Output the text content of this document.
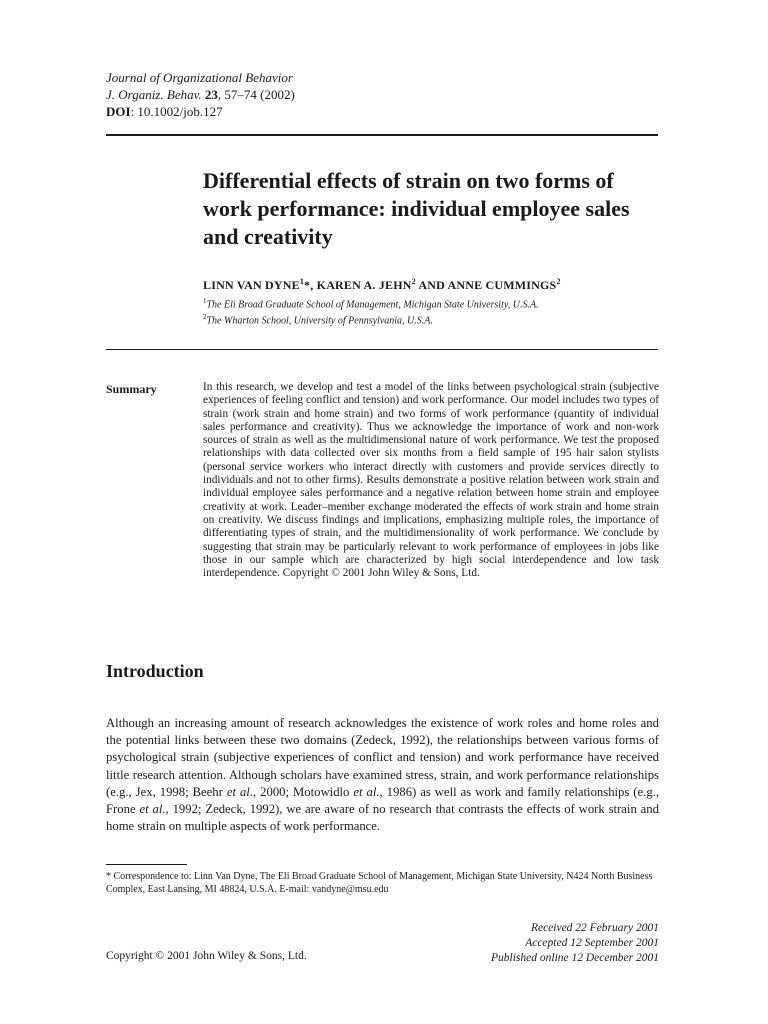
Journal of Organizational Behavior
J. Organiz. Behav. 23, 57–74 (2002)
DOI: 10.1002/job.127
Differential effects of strain on two forms of work performance: individual employee sales and creativity
LINN VAN DYNE$^1$*, KAREN A. JEHN$^2$ AND ANNE CUMMINGS$^2$
$^1$The Eli Broad Graduate School of Management, Michigan State University, U.S.A.
$^2$The Wharton School, University of Pennsylvania, U.S.A.
Summary	In this research, we develop and test a model of the links between psychological strain (subjective experiences of feeling conflict and tension) and work performance. Our model includes two types of strain (work strain and home strain) and two forms of work performance (quantity of individual sales performance and creativity). Thus we acknowledge the importance of work and non-work sources of strain as well as the multidimensional nature of work performance. We test the proposed relationships with data collected over six months from a field sample of 195 hair salon stylists (personal service workers who interact directly with customers and provide services directly to individuals and not to other firms). Results demonstrate a positive relation between work strain and individual employee sales performance and a negative relation between home strain and employee creativity at work. Leader–member exchange moderated the effects of work strain and home strain on creativity. We discuss findings and implications, emphasizing multiple roles, the importance of differentiating types of strain, and the multidimensionality of work performance. We conclude by suggesting that strain may be particularly relevant to work performance of employees in jobs like those in our sample which are characterized by high social interdependence and low task interdependence. Copyright © 2001 John Wiley & Sons, Ltd.

Introduction

Although an increasing amount of research acknowledges the existence of work roles and home roles and the potential links between these two domains (Zedeck, 1992), the relationships between various forms of psychological strain (subjective experiences of conflict and tension) and work performance have received little research attention. Although scholars have examined stress, strain, and work performance relationships (e.g., Jex, 1998; Beehr et al., 2000; Motowidlo et al., 1986) as well as work and family relationships (e.g., Frone et al., 1992; Zedeck, 1992), we are aware of no research that contrasts the effects of work strain and home strain on multiple aspects of work performance.

* Correspondence to: Linn Van Dyne, The Eli Broad Graduate School of Management, Michigan State University, N424 North Business Complex, East Lansing, MI 48824, U.S.A. E-mail: vandyne@msu.edu

Copyright © 2001 John Wiley & Sons, Ltd.
Received 22 February 2001
Accepted 12 September 2001
Published online 12 December 2001
